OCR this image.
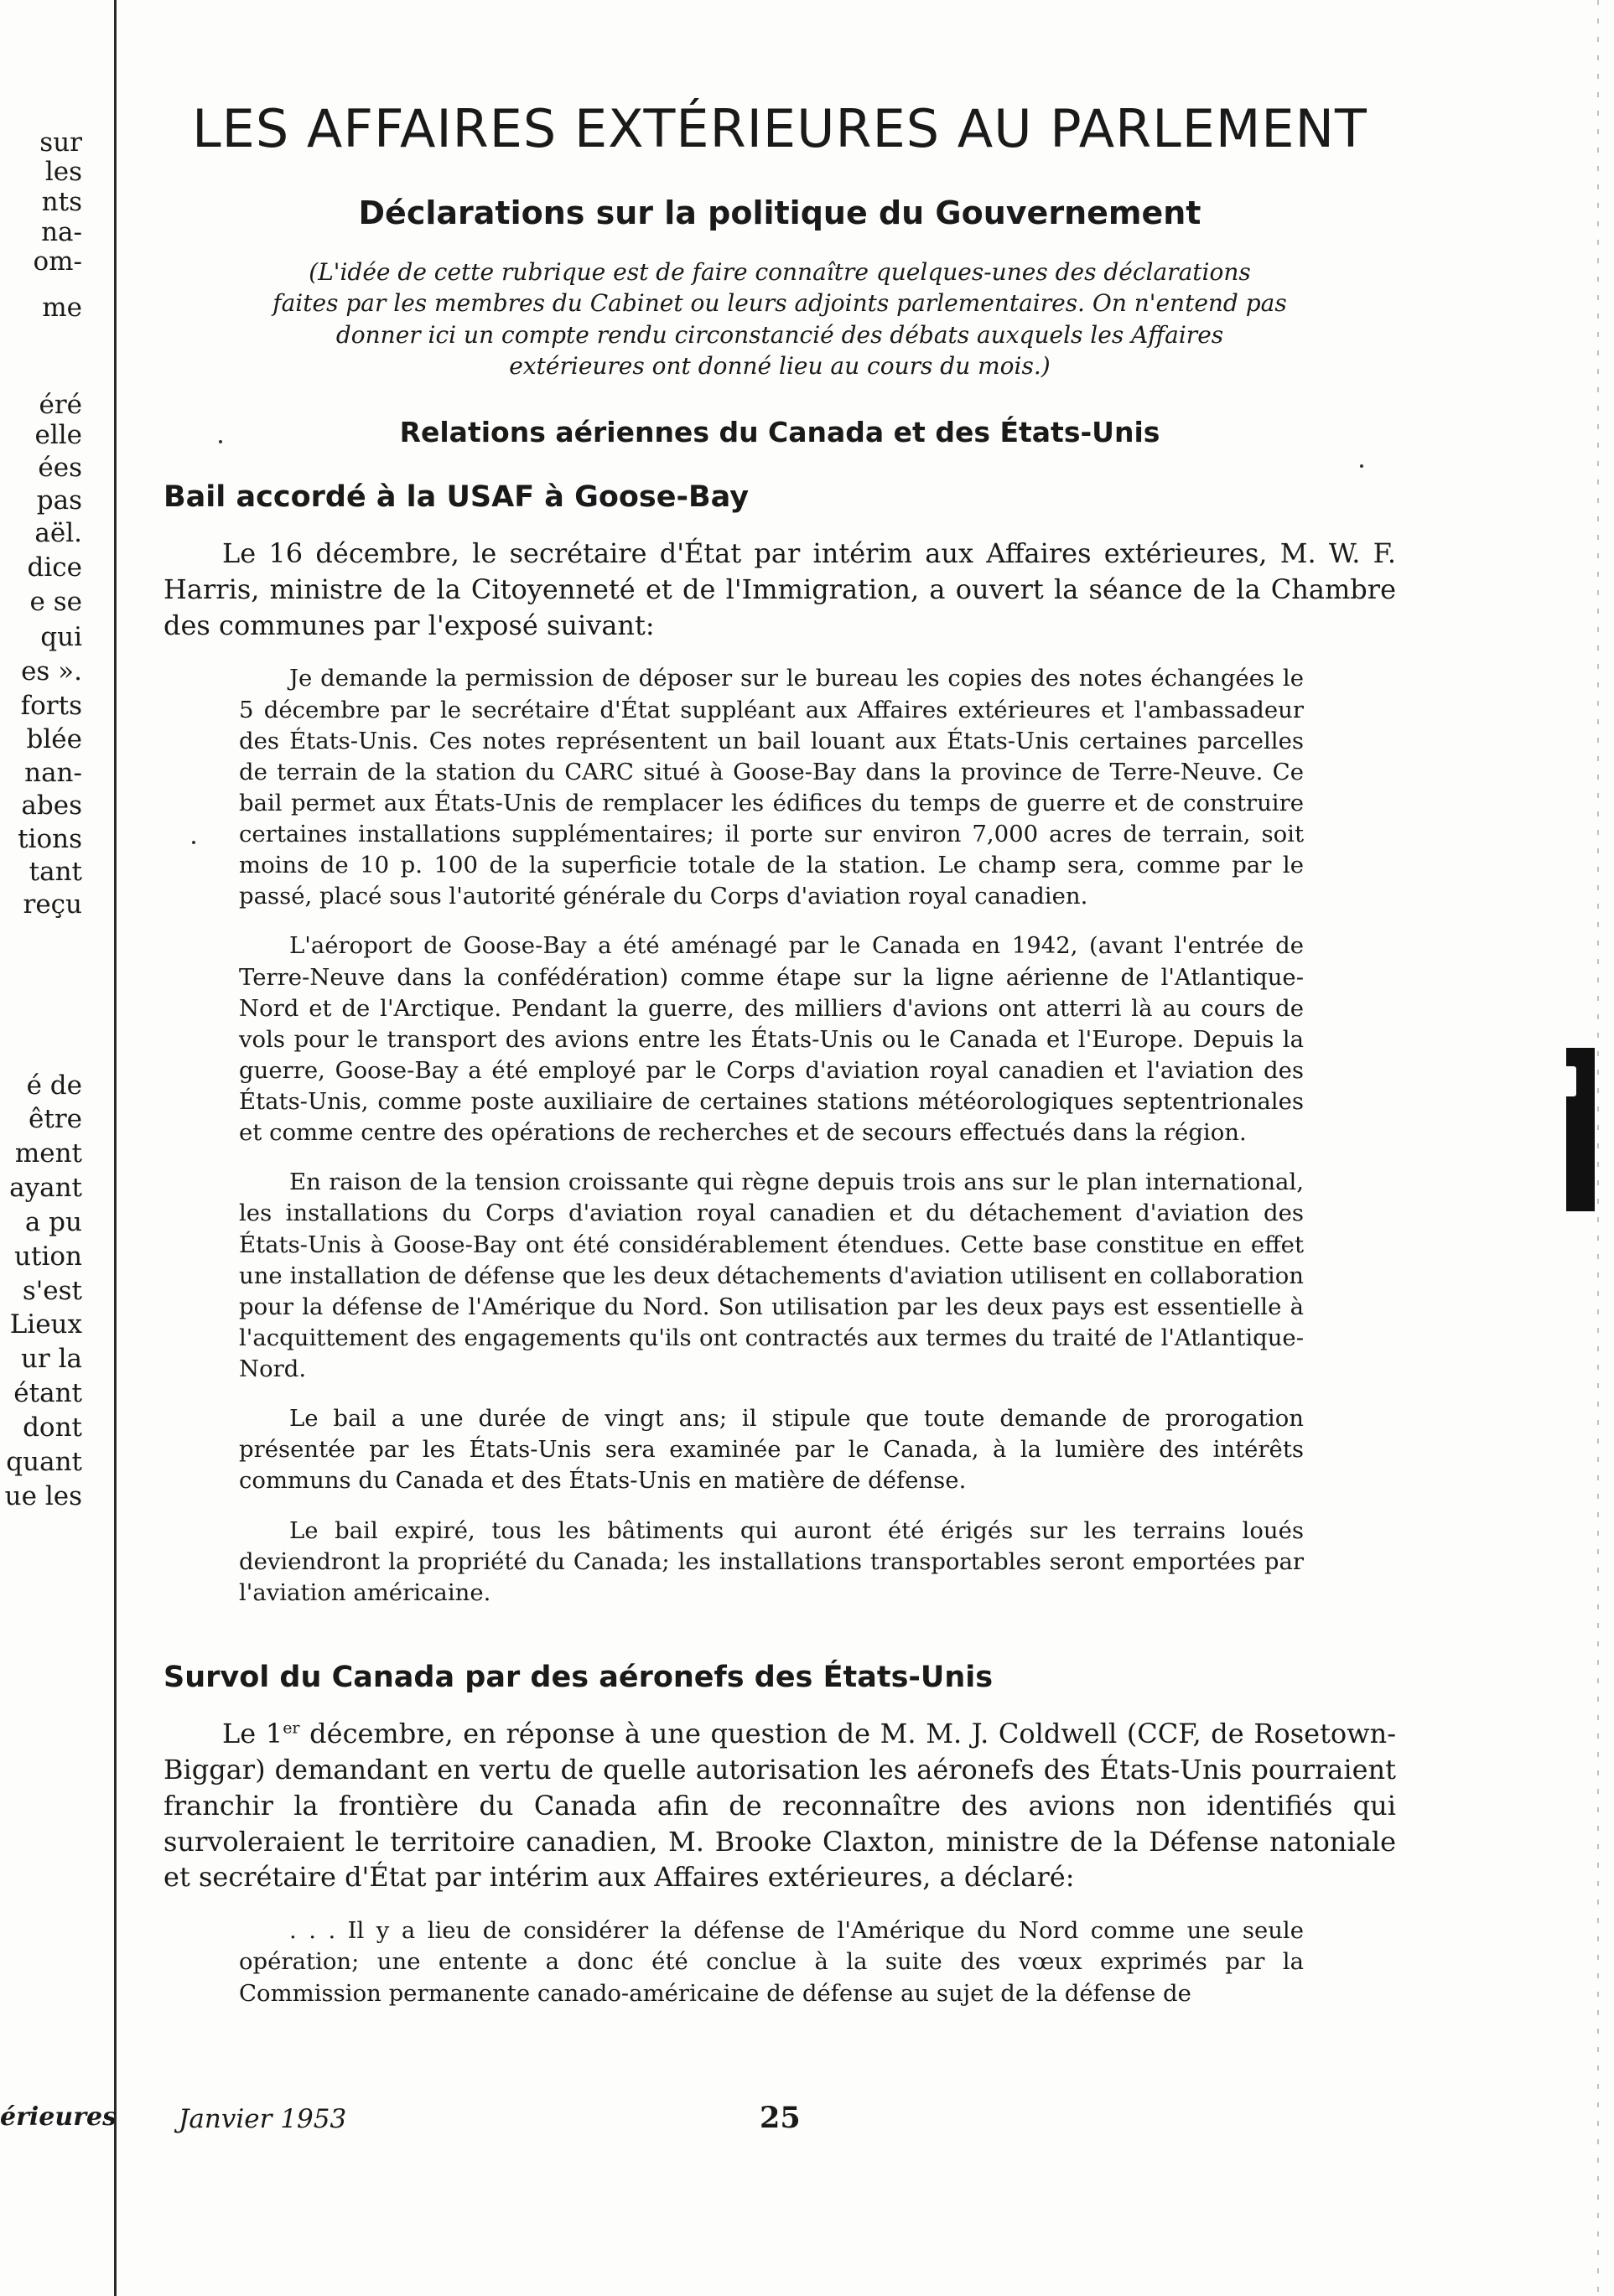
sur
les
nts
na-
om-
me
éré
elle
ées
pas
aël.
dice
e se
qui
es ».
forts
blée
nan-
abes
tions
tant
reçu
é de
être
ment
ayant
a pu
ution
s'est
Lieux
ur la
étant
dont
quant
ue les
érieures
LES AFFAIRES EXTÉRIEURES AU PARLEMENT
Déclarations sur la politique du Gouvernement

(L'idée de cette rubrique est de faire connaître quelques-unes des déclarations faites par les membres du Cabinet ou leurs adjoints parlementaires. On n'entend pas donner ici un compte rendu circonstancié des débats auxquels les Affaires extérieures ont donné lieu au cours du mois.)

Relations aériennes du Canada et des États-Unis
Bail accordé à la USAF à Goose-Bay

Le 16 décembre, le secrétaire d'État par intérim aux Affaires extérieures, M. W. F. Harris, ministre de la Citoyenneté et de l'Immigration, a ouvert la séance de la Chambre des communes par l'exposé suivant:

Je demande la permission de déposer sur le bureau les copies des notes échangées le 5 décembre par le secrétaire d'État suppléant aux Affaires extérieures et l'ambassadeur des États-Unis. Ces notes représentent un bail louant aux États-Unis certaines parcelles de terrain de la station du CARC situé à Goose-Bay dans la province de Terre-Neuve. Ce bail permet aux États-Unis de remplacer les édifices du temps de guerre et de construire certaines installations supplémentaires; il porte sur environ 7,000 acres de terrain, soit moins de 10 p. 100 de la superficie totale de la station. Le champ sera, comme par le passé, placé sous l'autorité générale du Corps d'aviation royal canadien.

L'aéroport de Goose-Bay a été aménagé par le Canada en 1942, (avant l'entrée de Terre-Neuve dans la confédération) comme étape sur la ligne aérienne de l'Atlantique-Nord et de l'Arctique. Pendant la guerre, des milliers d'avions ont atterri là au cours de vols pour le transport des avions entre les États-Unis ou le Canada et l'Europe. Depuis la guerre, Goose-Bay a été employé par le Corps d'aviation royal canadien et l'aviation des États-Unis, comme poste auxiliaire de certaines stations météorologiques septentrionales et comme centre des opérations de recherches et de secours effectués dans la région.

En raison de la tension croissante qui règne depuis trois ans sur le plan international, les installations du Corps d'aviation royal canadien et du détachement d'aviation des États-Unis à Goose-Bay ont été considérablement étendues. Cette base constitue en effet une installation de défense que les deux détachements d'aviation utilisent en collaboration pour la défense de l'Amérique du Nord. Son utilisation par les deux pays est essentielle à l'acquittement des engagements qu'ils ont contractés aux termes du traité de l'Atlantique-Nord.

Le bail a une durée de vingt ans; il stipule que toute demande de prorogation présentée par les États-Unis sera examinée par le Canada, à la lumière des intérêts communs du Canada et des États-Unis en matière de défense.

Le bail expiré, tous les bâtiments qui auront été érigés sur les terrains loués deviendront la propriété du Canada; les installations transportables seront emportées par l'aviation américaine.

Survol du Canada par des aéronefs des États-Unis

Le 1er décembre, en réponse à une question de M. M. J. Coldwell (CCF, de Rosetown-Biggar) demandant en vertu de quelle autorisation les aéronefs des États-Unis pourraient franchir la frontière du Canada afin de reconnaître des avions non identifiés qui survoleraient le territoire canadien, M. Brooke Claxton, ministre de la Défense natoniale et secrétaire d'État par intérim aux Affaires extérieures, a déclaré:

. . . Il y a lieu de considérer la défense de l'Amérique du Nord comme une seule opération; une entente a donc été conclue à la suite des vœux exprimés par la Commission permanente canado-américaine de défense au sujet de la défense de

Janvier 1953	25
